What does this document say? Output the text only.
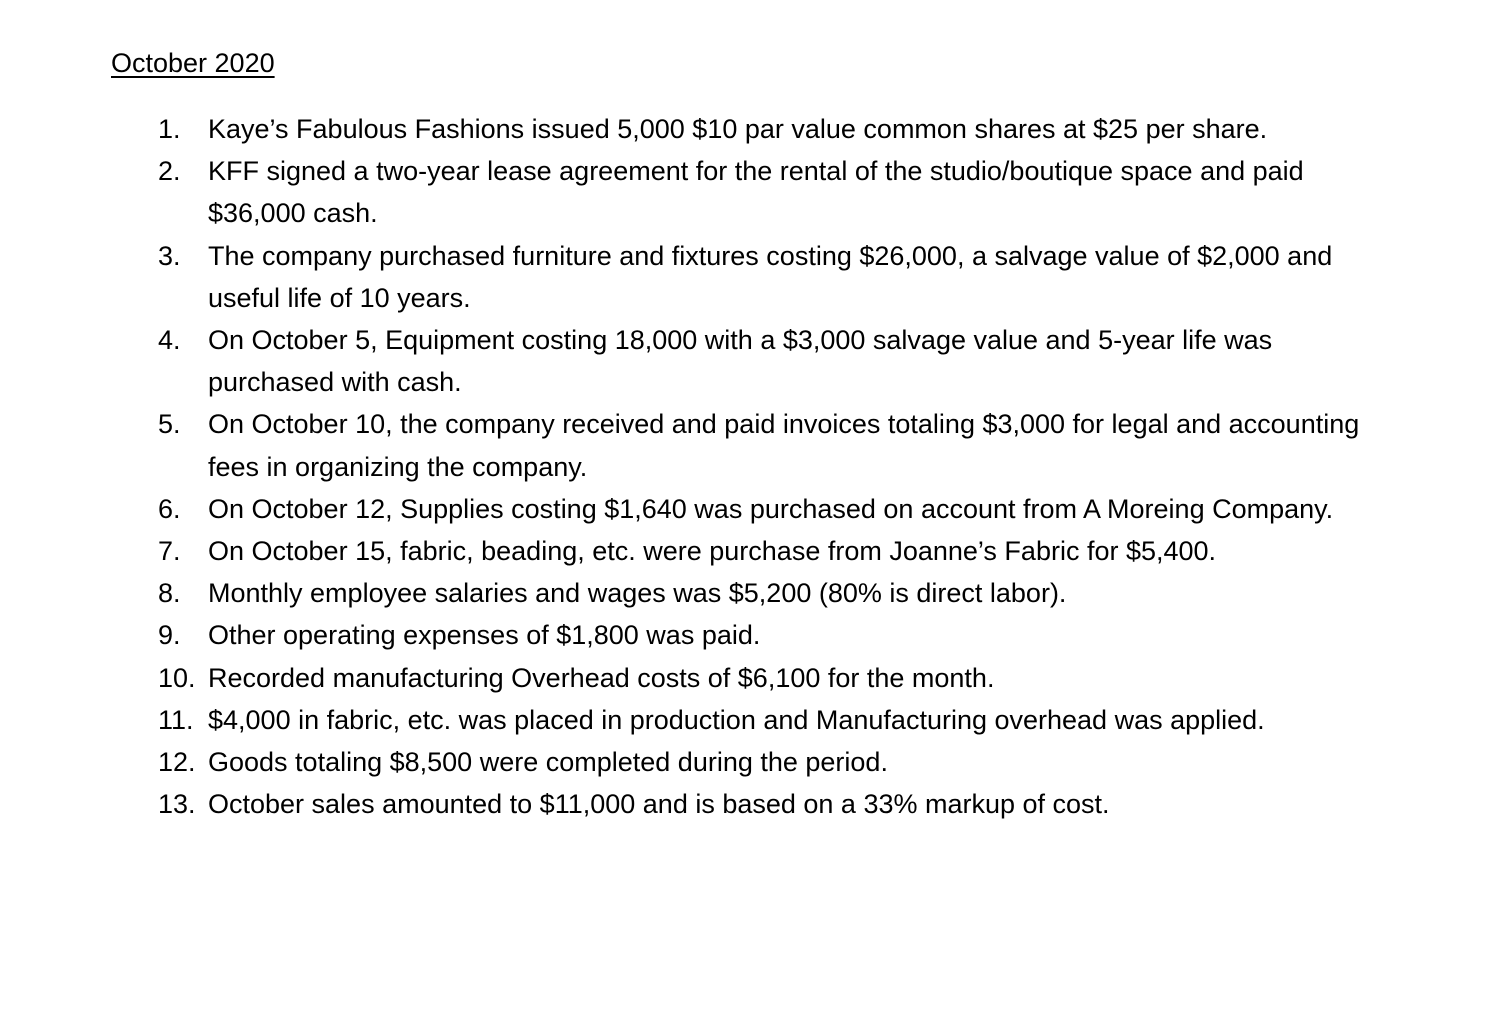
October 2020
1.	Kaye’s Fabulous Fashions issued 5,000 $10 par value common shares at $25 per share.
2.	KFF signed a two-year lease agreement for the rental of the studio/boutique space and paid $36,000 cash.
3.	The company purchased furniture and fixtures costing $26,000, a salvage value of $2,000 and useful life of 10 years.
4.	On October 5, Equipment costing 18,000 with a $3,000 salvage value and 5-year life was purchased with cash.
5.	On October 10, the company received and paid invoices totaling $3,000 for legal and accounting fees in organizing the company.
6.	On October 12, Supplies costing $1,640 was purchased on account from A Moreing Company.
7.	On October 15, fabric, beading, etc. were purchase from Joanne’s Fabric for $5,400.
8.	Monthly employee salaries and wages was $5,200 (80% is direct labor).
9.	Other operating expenses of $1,800 was paid.
10. Recorded manufacturing Overhead costs of $6,100 for the month.
11. $4,000 in fabric, etc. was placed in production and Manufacturing overhead was applied.
12. Goods totaling $8,500 were completed during the period.
13. October sales amounted to $11,000 and is based on a 33% markup of cost.
